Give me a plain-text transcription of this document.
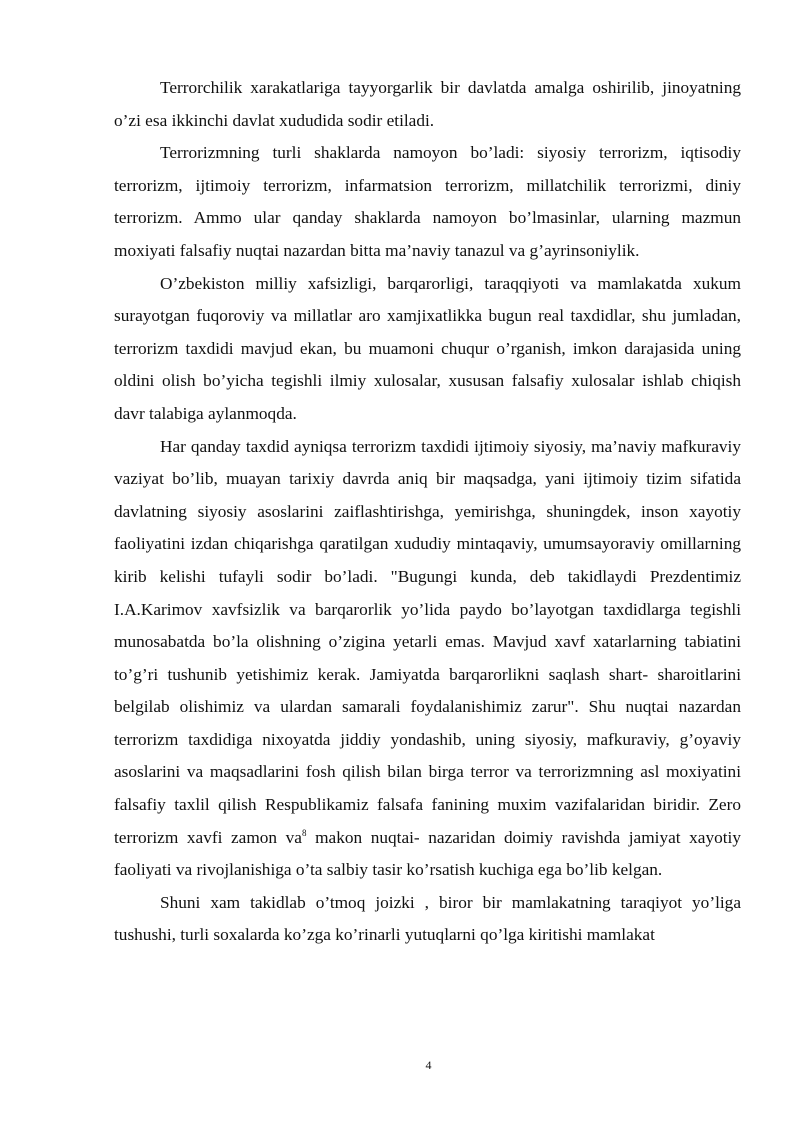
Terrorchilik xarakatlariga tayyorgarlik bir davlatda amalga oshirilib, jinoyatning o’zi esa ikkinchi davlat xududida sodir etiladi.

Terrorizmning turli shaklarda namoyon bo’ladi: siyosiy terrorizm, iqtisodiy terrorizm, ijtimoiy terrorizm, infarmatsion terrorizm, millatchilik terrorizmi, diniy terrorizm. Ammo ular qanday shaklarda namoyon bo’lmasinlar, ularning mazmun moxiyati falsafiy nuqtai nazardan bitta ma’naviy tanazul va g’ayrinsoniylik.

O’zbekiston milliy xafsizligi, barqarorligi, taraqqiyoti va mamlakatda xukum surayotgan fuqoroviy va millatlar aro xamjixatlikka bugun real taxdidlar, shu jumladan, terrorizm taxdidi mavjud ekan, bu muamoni chuqur o’rganish, imkon darajasida uning oldini olish bo’yicha tegishli ilmiy xulosalar, xususan falsafiy xulosalar ishlab chiqish davr talabiga aylanmoqda.

Har qanday taxdid ayniqsa terrorizm taxdidi ijtimoiy siyosiy, ma’naviy mafkuraviy vaziyat bo’lib, muayan tarixiy davrda aniq bir maqsadga, yani ijtimoiy tizim sifatida davlatning siyosiy asoslarini zaiflashtirishga, yemirishga, shuningdek, inson xayotiy faoliyatini izdan chiqarishga qaratilgan xududiy mintaqaviy, umumsayoraviy omillarning kirib kelishi tufayli sodir bo’ladi. "Bugungi kunda, deb takidlaydi Prezdentimiz I.A.Karimov xavfsizlik va barqarorlik yo’lida paydo bo’layotgan taxdidlarga tegishli munosabatda bo’la olishning o’zigina yetarli emas. Mavjud xavf xatarlarning tabiatini to’g’ri tushunib yetishimiz kerak. Jamiyatda barqarorlikni saqlash shart- sharoitlarini belgilab olishimiz va ulardan samarali foydalanishimiz zarur". Shu nuqtai nazardan terrorizm taxdidiga nixoyatda jiddiy yondashib, uning siyosiy, mafkuraviy, g’oyaviy asoslarini va maqsadlarini fosh qilish bilan birga terror va terrorizmning asl moxiyatini falsafiy taxlil qilish Respublikamiz falsafa fanining muxim vazifalaridan biridir. Zero terrorizm xavfi zamon $va^8$ makon nuqtai- nazaridan doimiy ravishda jamiyat xayotiy faoliyati va rivojlanishiga o’ta salbiy tasir ko’rsatish kuchiga ega bo’lib kelgan.

Shuni xam takidlab o’tmoq joizki , biror bir mamlakatning taraqiyot yo’liga tushushi, turli soxalarda ko’zga ko’rinarli yutuqlarni qo’lga kiritishi mamlakat

4
